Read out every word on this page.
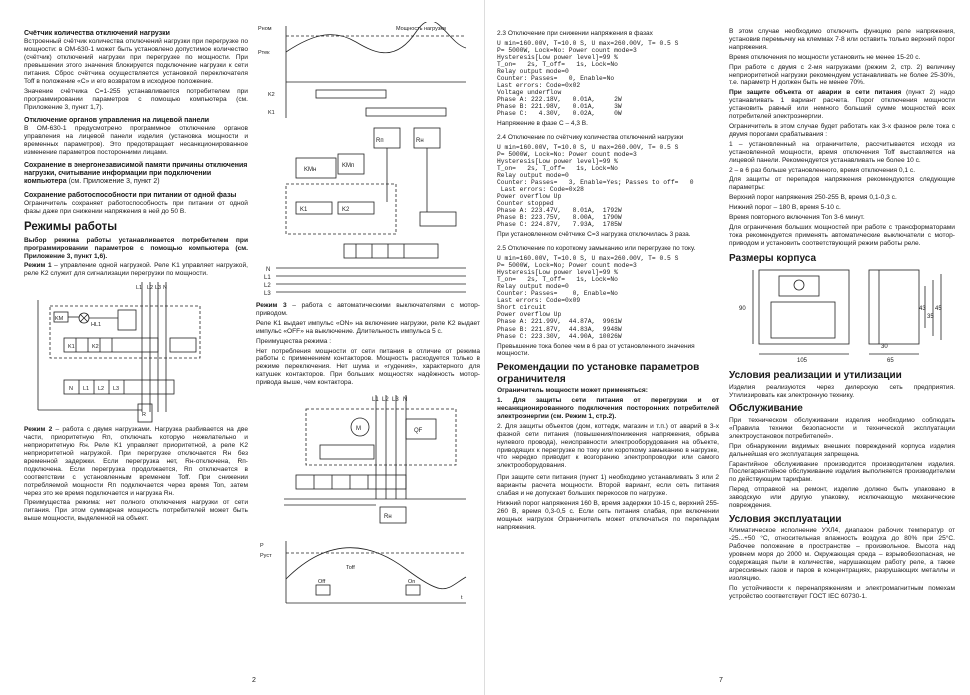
Счётчик количества отключений нагрузки

Встроенный счётчик количества отключений нагрузки при перегрузке по мощности: в ОМ-630-1 может быть установлено допустимое количество (счётчик) отключений нагрузки при перегрузке по мощности. При превышении этого значения блокируется подключение нагрузки к сети питания. Сброс счётчика осуществляется установкой переключателя Toff в положение «С» и его возвратом в исходное положение.

Значение счётчика C=1-255 устанавливается потребителем при программировании параметров с помощью компьютера (см. Приложение 3, пункт 1,7).

Отключение органов управления на лицевой панели

В ОМ-630-1 предусмотрено программное отключение органов управления на лицевой панели изделия (установка мощности и временных параметров). Это предотвращает несанкционированное изменение параметров посторонними лицами.

Сохранение в энергонезависимой памяти причины отключения нагрузки, считывание информации при подключении компьютера (см. Приложение 3, пункт 2)
Сохранение работоспособности при питании от одной фазы

Ограничитель сохраняет работоспособность при питании от одной фазы даже при снижении напряжения в ней до 50 В.

Режимы работы

Выбор режима работы устанавливается потребителем при программировании параметров с помощью компьютера (см. Приложение 3, пункт 1,6).

Режим 1 – управление одной нагрузкой. Реле K1 управляет нагрузкой, реле K2 служит для сигнализации перегрузки по мощности.

L1 L2 L3 N
KM
HL1
K1	K2
N L1 L2 L3
R

Режим 2 – работа с двумя нагрузками. Нагрузка разбивается на две части, приоритетную Rп, отключать которую нежелательно и неприоритетную Rн. Реле K1 управляет приоритетной, а реле K2 неприоритетной нагрузкой. При перегрузке отключается Rн без временной задержки. Если перегрузка нет, Rн-отключена, Rп-подключена. Если перегрузка продолжается, Rп отключается в соответствии с установленным временем Toff. При снижении потребляемой мощности Rп подключается через время Ton, затем через это же время подключается и нагрузка Rн.

Преимущества режима: нет полного отключения нагрузки от сети питания. При этом суммарная мощность потребителей может быть выше мощности, выделенной на объект.

2
Pном
Pтек
Мощность нагрузки
K2
K1
Rп	Rн
KMн
KMп
K1	K2
N
L1
L2
L3

Режим 3 – работа с автоматическими выключателями с мотор-приводом.

Реле K1 выдает импульс «ON» на включение нагрузки, реле K2 выдает импульс «OFF» на выключение. Длительность импульса 5 с.

Преимущества режима :

Нет потребления мощности от сети питания в отличие от режима работы с применением контакторов. Мощность расходуется только в режиме переключения. Нет шума и «гудения», характерного для катушек контакторов. При больших мощностях надёжность мотор-привода выше, чем контактора.

L1 L2 L3 N
M	QF
Rн
P
Руст
Off	On
Toff
t
2.3 Отключение при снижении напряжения в фазах
U min=160.00V, T=10.0 S, U max=260.00V, T= 0.5 S
P= 5000W, Lock=No: Power count mode=3
Hysteresis[Low power level]=99 %
T_on=   2s, T_off=   1s, Lock=No
Relay output mode=0
Counter: Passes=   0, Enable=No
Last errors: Code=0x02
Voltage underflow
Phase A: 222.18V,   0.01A,     2W
Phase B: 221.98V,   0.01A,     3W
Phase C:   4.30V,   0.02A,     0W
Напряжение в фазе С – 4,3 В.
2.4 Отключение по счётчику количества отключений нагрузки
U min=160.00V, T=10.0 S, U max=260.00V, T= 0.5 S
P= 5000W, Lock=No: Power count mode=3
Hysteresis[Low power level]=99 %
T_on=   2s, T_off=   1s, Lock=No
Relay output mode=0
Counter: Passes=   3, Enable=Yes; Passes to off=   0
Last errors: Code=0x28
Power overflow Up
Counter stopped
Phase A: 223.47V,   8.01A,  1792W
Phase B: 223.75V,   8.00A,  1790W
Phase C: 224.87V,   7.93A,  1785W
При установленном счётчике C=3 нагрузка отключилась 3 раза.
2.5 Отключение по короткому замыканию или перегрузке по току.
U min=160.00V, T=10.0 S, U max=260.00V, T= 0.5 S
P= 5000W, Lock=No; Power count mode=3
Hysteresis[Low power level]=99 %
T_on=   2s, T_off=   1s, Lock=No
Relay output mode=0
Counter: Passes=    0, Enable=No
Last errors: Code=0x09
Short circuit
Power overflow Up
Phase A: 221.99V,  44.87A,  9961W
Phase B: 221.87V,  44.83A,  9948W
Phase C: 223.30V,  44.90A, 10026W
Превышение тока более чем в 6 раз от установленного значения мощности.
Рекомендации по установке параметров ограничителя

Ограничитель мощности может применяться:

1. Для защиты сети питания от перегрузки и от несанкционированного подключения посторонних потребителей электроэнергии (см. Режим 1, стр.2).

2. Для защиты объектов (дом, коттедж, магазин и т.п.) от аварий в 3-х фазной сети питания (повышения/понижения напряжения, обрыва нулевого провода), неисправности электрооборудования на объекте, приводящих к перегрузке по току или короткому замыканию в нагрузке, что нередко приводит к возгоранию электропроводки или самого электрооборудования.

При защите сети питания (пункт 1) необходимо устанавливать 3 или 2 варианты расчета мощности. Второй вариант, если сеть питания слабая и не допускает больших перекосов по нагрузке.

Нижний порог напряжения 160 В, время задержки 10-15 с, верхний 255-260 В, время 0,3-0,5 с. Если сеть питания слабая, при включении мощных нагрузок Ограничитель может отключаться по перепадам напряжения.

В этом случае необходимо отключить функцию реле напряжения, установив перемычку на клеммах 7-8 или оставить только верхний порог напряжения.

Время отключения по мощности установить не менее 15-20 с.

При работе с двумя с 2-мя нагрузками (режим 2, стр. 2) величину неприоритетной нагрузки рекомендуем устанавливать не более 25-30%, т.е. параметр H должен быть не менее 70%.

При защите объекта от аварии в сети питания (пункт 2) надо устанавливать 1 вариант расчета. Порог отключения мощности установить равный или немного больший сумме мощностей всех потребителей электроэнергии.

Ограничитель в этом случае будет работать как 3-х фазное реле тока с двумя порогами срабатывания :

1 – установленный на ограничителе, рассчитывается исходя из установленной мощности, время отключения Toff выставляется на лицевой панели. Рекомендуется устанавливать не более 10 с.

2 – в 6 раз больше установленного, время отключения 0,1 с.

Для защиты от перепадов напряжения рекомендуются следующие параметры:

Верхний порог напряжения 250-255 В, время 0,1-0,3 с.

Нижний порог – 180 В, время 5-10 с.

Время повторного включения Ton 3-6 минут.

Для ограничения больших мощностей при работе с трансформаторами тока рекомендуется применять автоматические выключатели с мотор-приводом и установить соответствующий режим работы реле.

Размеры корпуса
105
90
65
30
43
35
45
Условия реализации и утилизации

Изделия реализуются через дилерскую сеть предприятия. Утилизировать как электронную технику.

Обслуживание

При техническом обслуживании изделия необходимо соблюдать «Правила техники безопасности и технической эксплуатации электроустановок потребителей».

При обнаружении видимых внешних повреждений корпуса изделия дальнейшая его эксплуатация запрещена.

Гарантийное обслуживание производится производителем изделия. Послегарантийное обслуживание изделия выполняется производителем по действующим тарифам.

Перед отправкой на ремонт, изделие должно быть упаковано в заводскую или другую упаковку, исключающую механические повреждения.

Условия эксплуатации

Климатическое исполнение УХЛ4, диапазон рабочих температур от -25...+50 °С, относительная влажность воздуха до 80% при 25°С. Рабочее положение в пространстве – произвольное. Высота над уровнем моря до 2000 м. Окружающая среда – взрывобезопасная, не содержащая пыли в количестве, нарушающем работу реле, а также агрессивных газов и паров в концентрациях, разрушающих металлы и изоляцию.

По устойчивости к перенапряжениям и электромагнитным помехам устройство соответствует ГОСТ IEC 60730-1.

7
